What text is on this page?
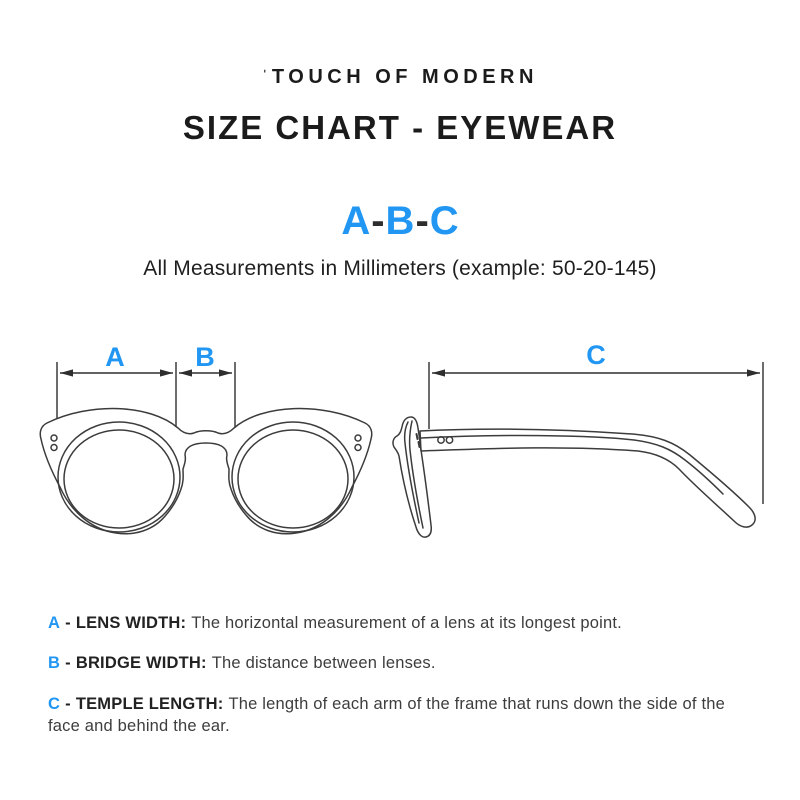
ˈTOUCH OF MODERN
SIZE CHART - EYEWEAR
A-B-C
All Measurements in Millimeters (example: 50-20-145)
A	B	C
A - LENS WIDTH: The horizontal measurement of a lens at its longest point.
B - BRIDGE WIDTH: The distance between lenses.
C - TEMPLE LENGTH: The length of each arm of the frame that runs down the side of the face and behind the ear.
